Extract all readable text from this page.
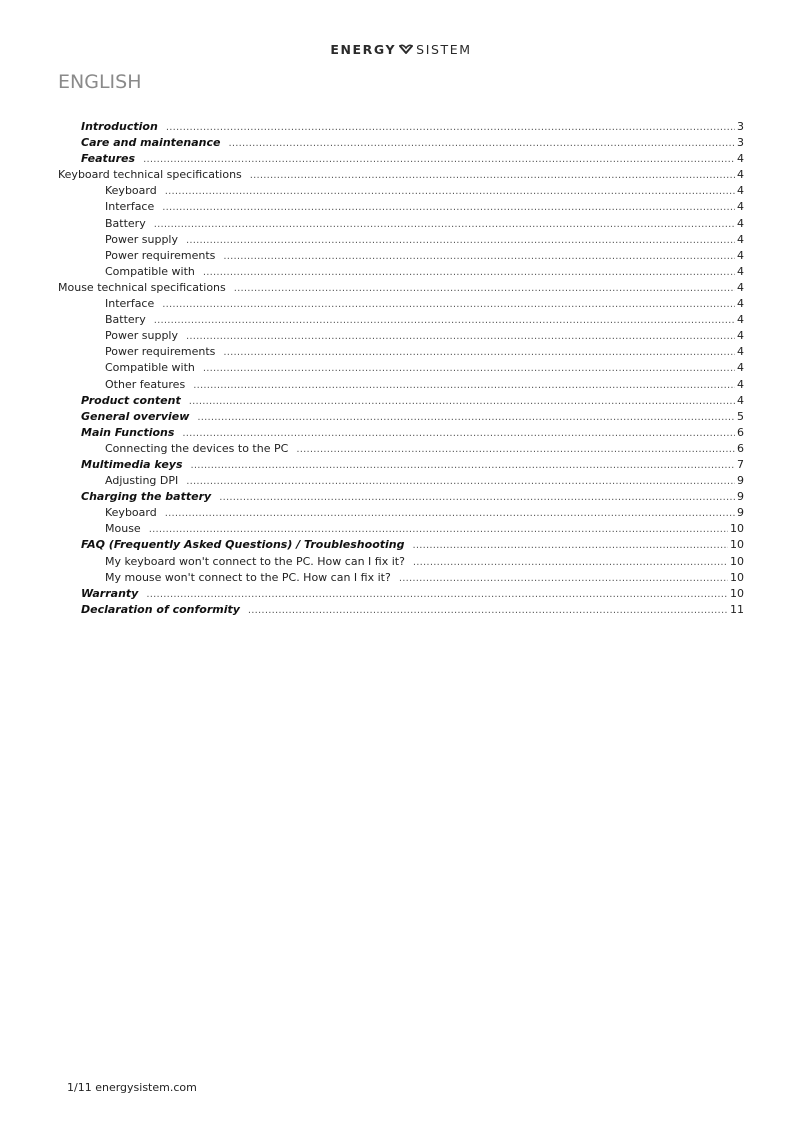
ENERGY SISTEM
ENGLISH
Introduction .....	3
Care and maintenance .....	3
Features .....	4
Keyboard technical specifications .....	4
Keyboard .....	4
Interface .....	4
Battery .....	4
Power supply .....	4
Power requirements .....	4
Compatible with .....	4
Mouse technical specifications .....	4
Interface .....	4
Battery .....	4
Power supply .....	4
Power requirements .....	4
Compatible with .....	4
Other features .....	4
Product content .....	4
General overview .....	5
Main Functions .....	6
Connecting the devices to the PC .....	6
Multimedia keys .....	7
Adjusting DPI .....	9
Charging the battery .....	9
Keyboard .....	9
Mouse .....	10
FAQ (Frequently Asked Questions) / Troubleshooting .....	10
My keyboard won't connect to the PC. How can I fix it? .....	10
My mouse won't connect to the PC. How can I fix it? .....	10
Warranty .....	10
Declaration of conformity .....	11
1/11 energysistem.com
